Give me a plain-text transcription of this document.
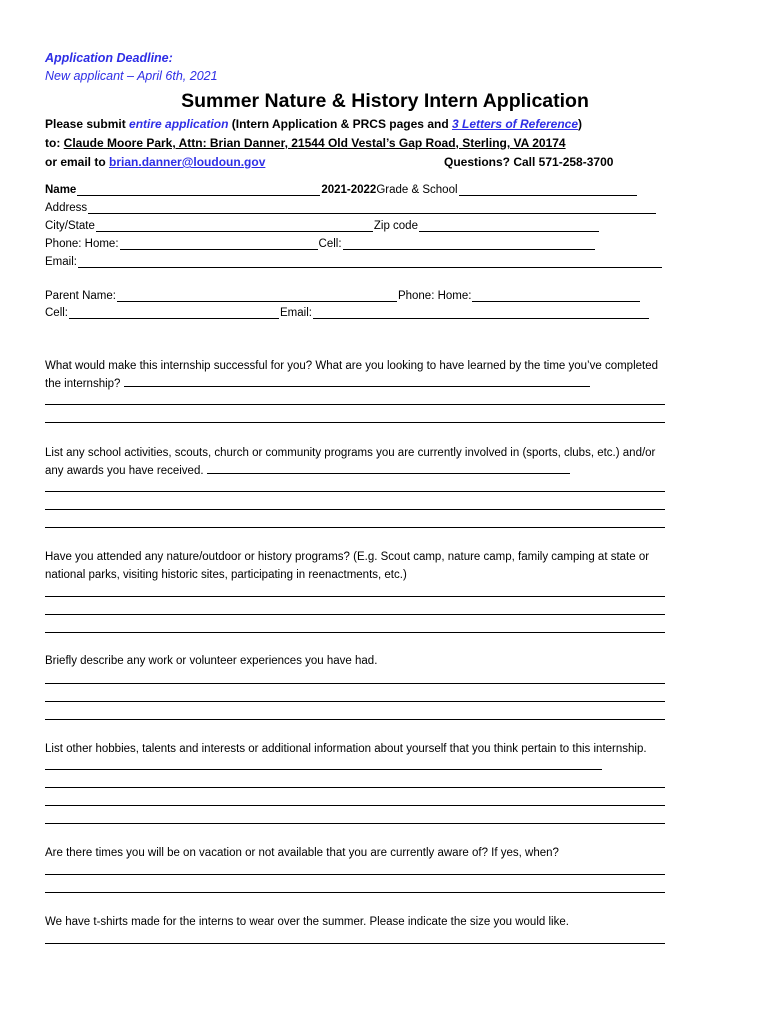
Application Deadline:
New applicant – April 6th, 2021
Summer Nature & History Intern Application
Please submit entire application (Intern Application & PRCS pages and 3 Letters of Reference)
to: Claude Moore Park, Attn: Brian Danner, 21544 Old Vestal’s Gap Road, Sterling, VA 20174
or email to brian.danner@loudoun.gov	Questions? Call 571-258-3700
Name	2021-2022 Grade & School
Address
City/State	Zip code
Phone: Home:	Cell:
Email:
Parent Name:	Phone: Home:
Cell:	Email:
What would make this internship successful for you? What are you looking to have learned by the time you’ve completed the internship?
List any school activities, scouts, church or community programs you are currently involved in (sports, clubs, etc.) and/or any awards you have received.
Have you attended any nature/outdoor or history programs? (E.g. Scout camp, nature camp, family camping at state or national parks, visiting historic sites, participating in reenactments, etc.)
Briefly describe any work or volunteer experiences you have had.
List other hobbies, talents and interests or additional information about yourself that you think pertain to this internship.
Are there times you will be on vacation or not available that you are currently aware of? If yes, when?
We have t-shirts made for the interns to wear over the summer. Please indicate the size you would like.
